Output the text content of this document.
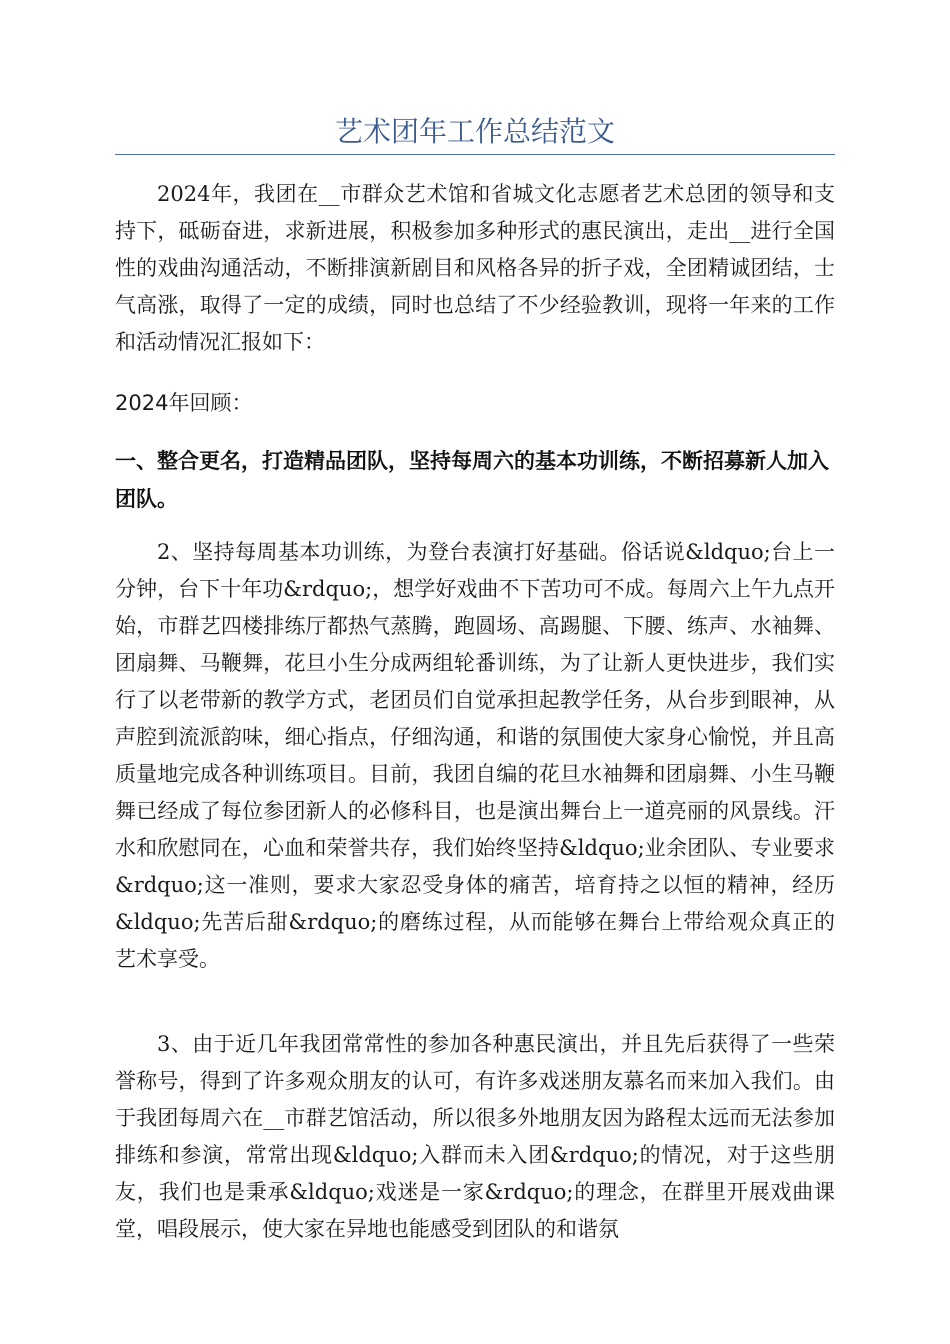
艺术团年工作总结范文

2024年，我团在__市群众艺术馆和省城文化志愿者艺术总团的领导和支持下，砥砺奋进，求新进展，积极参加多种形式的惠民演出，走出__进行全国性的戏曲沟通活动，不断排演新剧目和风格各异的折子戏，全团精诚团结，士气高涨，取得了一定的成绩，同时也总结了不少经验教训，现将一年来的工作和活动情况汇报如下：

2024年回顾：

一、整合更名，打造精品团队，坚持每周六的基本功训练，不断招募新人加入团队。

2、坚持每周基本功训练，为登台表演打好基础。俗话说&ldquo;台上一分钟，台下十年功&rdquo;，想学好戏曲不下苦功可不成。每周六上午九点开始，市群艺四楼排练厅都热气蒸腾，跑圆场、高踢腿、下腰、练声、水袖舞、团扇舞、马鞭舞，花旦小生分成两组轮番训练，为了让新人更快进步，我们实行了以老带新的教学方式，老团员们自觉承担起教学任务，从台步到眼神，从声腔到流派韵味，细心指点，仔细沟通，和谐的氛围使大家身心愉悦，并且高质量地完成各种训练项目。目前，我团自编的花旦水袖舞和团扇舞、小生马鞭舞已经成了每位参团新人的必修科目，也是演出舞台上一道亮丽的风景线。汗水和欣慰同在，心血和荣誉共存，我们始终坚持&ldquo;业余团队、专业要求&rdquo;这一准则，要求大家忍受身体的痛苦，培育持之以恒的精神，经历&ldquo;先苦后甜&rdquo;的磨练过程，从而能够在舞台上带给观众真正的艺术享受。

3、由于近几年我团常常性的参加各种惠民演出，并且先后获得了一些荣誉称号，得到了许多观众朋友的认可，有许多戏迷朋友慕名而来加入我们。由于我团每周六在__市群艺馆活动，所以很多外地朋友因为路程太远而无法参加排练和参演，常常出现&ldquo;入群而未入团&rdquo;的情况，对于这些朋友，我们也是秉承&ldquo;戏迷是一家&rdquo;的理念，在群里开展戏曲课堂，唱段展示，使大家在异地也能感受到团队的和谐氛
